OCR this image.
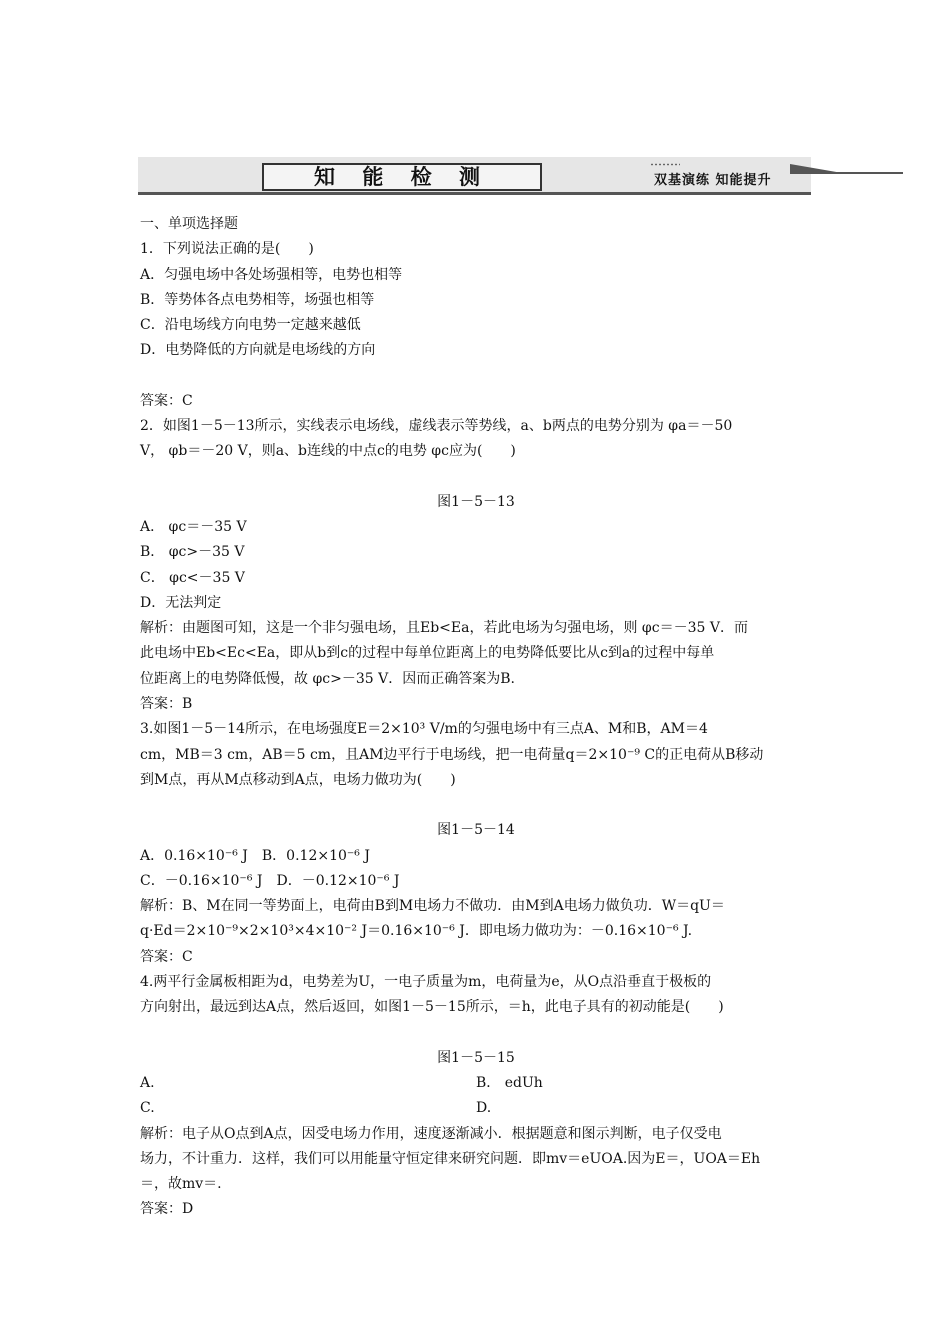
知 能 检 测	双基演练 知能提升

一、单项选择题

1．下列说法正确的是(　　)

A．匀强电场中各处场强相等，电势也相等

B．等势体各点电势相等，场强也相等

C．沿电场线方向电势一定越来越低

D．电势降低的方向就是电场线的方向

答案：C

2．如图1－5－13所示，实线表示电场线，虚线表示等势线，a、b两点的电势分别为 φa＝－50

V， φb＝－20 V，则a、b连线的中点c的电势 φc应为(　　)

图1－5－13

A． φc＝－35 V

B． φc>－35 V

C． φc<－35 V

D．无法判定

解析：由题图可知，这是一个非匀强电场，且Eb<Ea，若此电场为匀强电场，则 φc＝－35 V．而

此电场中Eb<Ec<Ea，即从b到c的过程中每单位距离上的电势降低要比从c到a的过程中每单

位距离上的电势降低慢，故 φc>－35 V．因而正确答案为B.

答案：B

3.如图1－5－14所示，在电场强度E＝2×10³ V/m的匀强电场中有三点A、M和B，AM＝4

cm，MB＝3 cm，AB＝5 cm，且AM边平行于电场线，把一电荷量q＝2×10⁻⁹ C的正电荷从B移动

到M点，再从M点移动到A点，电场力做功为(　　)

图1－5－14

A．0.16×10⁻⁶ J　B．0.12×10⁻⁶ J

C．－0.16×10⁻⁶ J　D．－0.12×10⁻⁶ J

解析：B、M在同一等势面上，电荷由B到M电场力不做功．由M到A电场力做负功．W＝qU＝

q·Ed＝2×10⁻⁹×2×10³×4×10⁻² J＝0.16×10⁻⁶ J．即电场力做功为：－0.16×10⁻⁶ J.

答案：C

4.两平行金属板相距为d，电势差为U，一电子质量为m，电荷量为e，从O点沿垂直于极板的

方向射出，最远到达A点，然后返回，如图1－5－15所示，＝h，此电子具有的初动能是(　　)

图1－5－15

A.	B． edUh

C.	D.

解析：电子从O点到A点，因受电场力作用，速度逐渐减小．根据题意和图示判断，电子仅受电

场力，不计重力．这样，我们可以用能量守恒定律来研究问题．即mv＝eUOA.因为E＝，UOA＝Eh

＝，故mv＝.

答案：D
